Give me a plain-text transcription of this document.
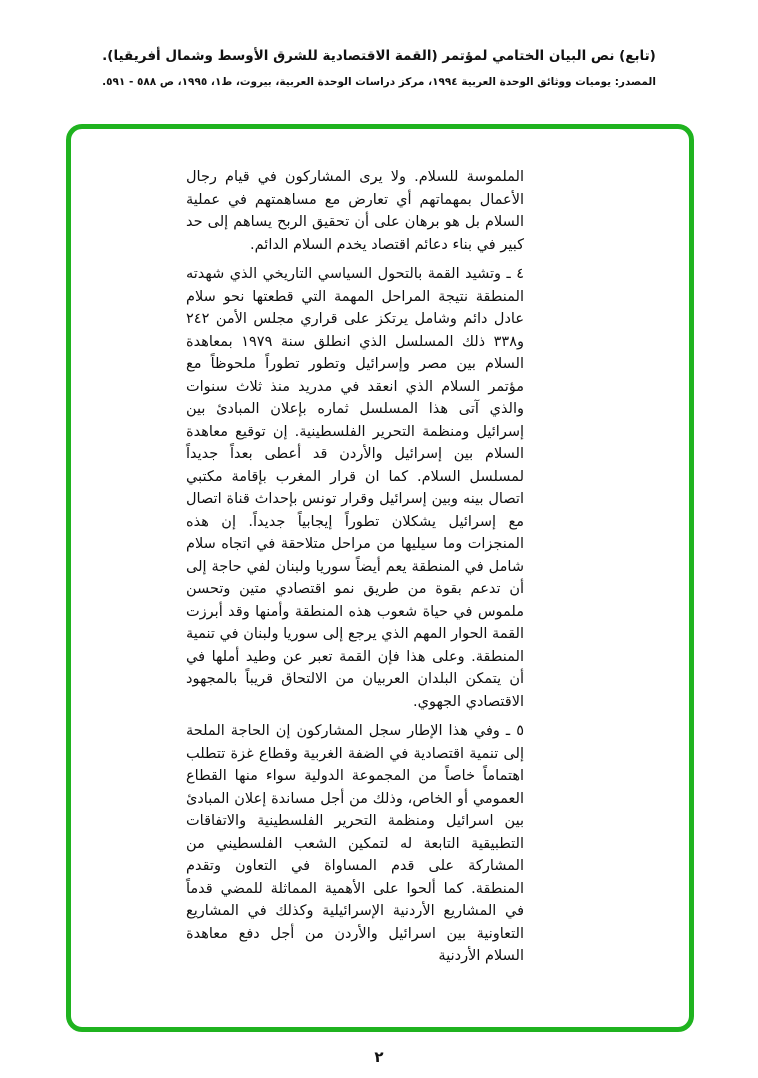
(تابع) نص البيان الختامي لمؤتمر (القمة الاقتصادية للشرق الأوسط وشمال أفريقيا).
المصدر: يوميات ووثائق الوحدة العربية ١٩٩٤، مركز دراسات الوحدة العربية، بيروت، ط١، ١٩٩٥، ص ٥٨٨ - ٥٩١.

الملموسة للسلام. ولا يرى المشاركون في قيام رجال الأعمال بمهماتهم أي تعارض مع مساهمتهم في عملية السلام بل هو برهان على أن تحقيق الربح يساهم إلى حد كبير في بناء دعائم اقتصاد يخدم السلام الدائم.

٤ ـ وتشيد القمة بالتحول السياسي التاريخي الذي شهدته المنطقة نتيجة المراحل المهمة التي قطعتها نحو سلام عادل دائم وشامل يرتكز على قراري مجلس الأمن ٢٤٢ و٣٣٨ ذلك المسلسل الذي انطلق سنة ١٩٧٩ بمعاهدة السلام بين مصر وإسرائيل وتطور تطوراً ملحوظاً مع مؤتمر السلام الذي انعقد في مدريد منذ ثلاث سنوات والذي آتى هذا المسلسل ثماره بإعلان المبادئ بين إسرائيل ومنظمة التحرير الفلسطينية. إن توقيع معاهدة السلام بين إسرائيل والأردن قد أعطى بعداً جديداً لمسلسل السلام. كما ان قرار المغرب بإقامة مكتبي اتصال بينه وبين إسرائيل وقرار تونس بإحداث قناة اتصال مع إسرائيل يشكلان تطوراً إيجابياً جديداً. إن هذه المنجزات وما سيليها من مراحل متلاحقة في اتجاه سلام شامل في المنطقة يعم أيضاً سوريا ولبنان لفي حاجة إلى أن تدعم بقوة من طريق نمو اقتصادي متين وتحسن ملموس في حياة شعوب هذه المنطقة وأمنها وقد أبرزت القمة الحوار المهم الذي يرجع إلى سوريا ولبنان في تنمية المنطقة. وعلى هذا فإن القمة تعبر عن وطيد أملها في أن يتمكن البلدان العربيان من الالتحاق قريباً بالمجهود الاقتصادي الجهوي.

٥ ـ وفي هذا الإطار سجل المشاركون إن الحاجة الملحة إلى تنمية اقتصادية في الضفة الغربية وقطاع غزة تتطلب اهتماماً خاصاً من المجموعة الدولية سواء منها القطاع العمومي أو الخاص، وذلك من أجل مساندة إعلان المبادئ بين اسرائيل ومنظمة التحرير الفلسطينية والاتفاقات التطبيقية التابعة له لتمكين الشعب الفلسطيني من المشاركة على قدم المساواة في التعاون وتقدم المنطقة. كما ألحوا على الأهمية المماثلة للمضي قدماً في المشاريع الأردنية الإسرائيلية وكذلك في المشاريع التعاونية بين اسرائيل والأردن من أجل دفع معاهدة السلام الأردنية

٢
